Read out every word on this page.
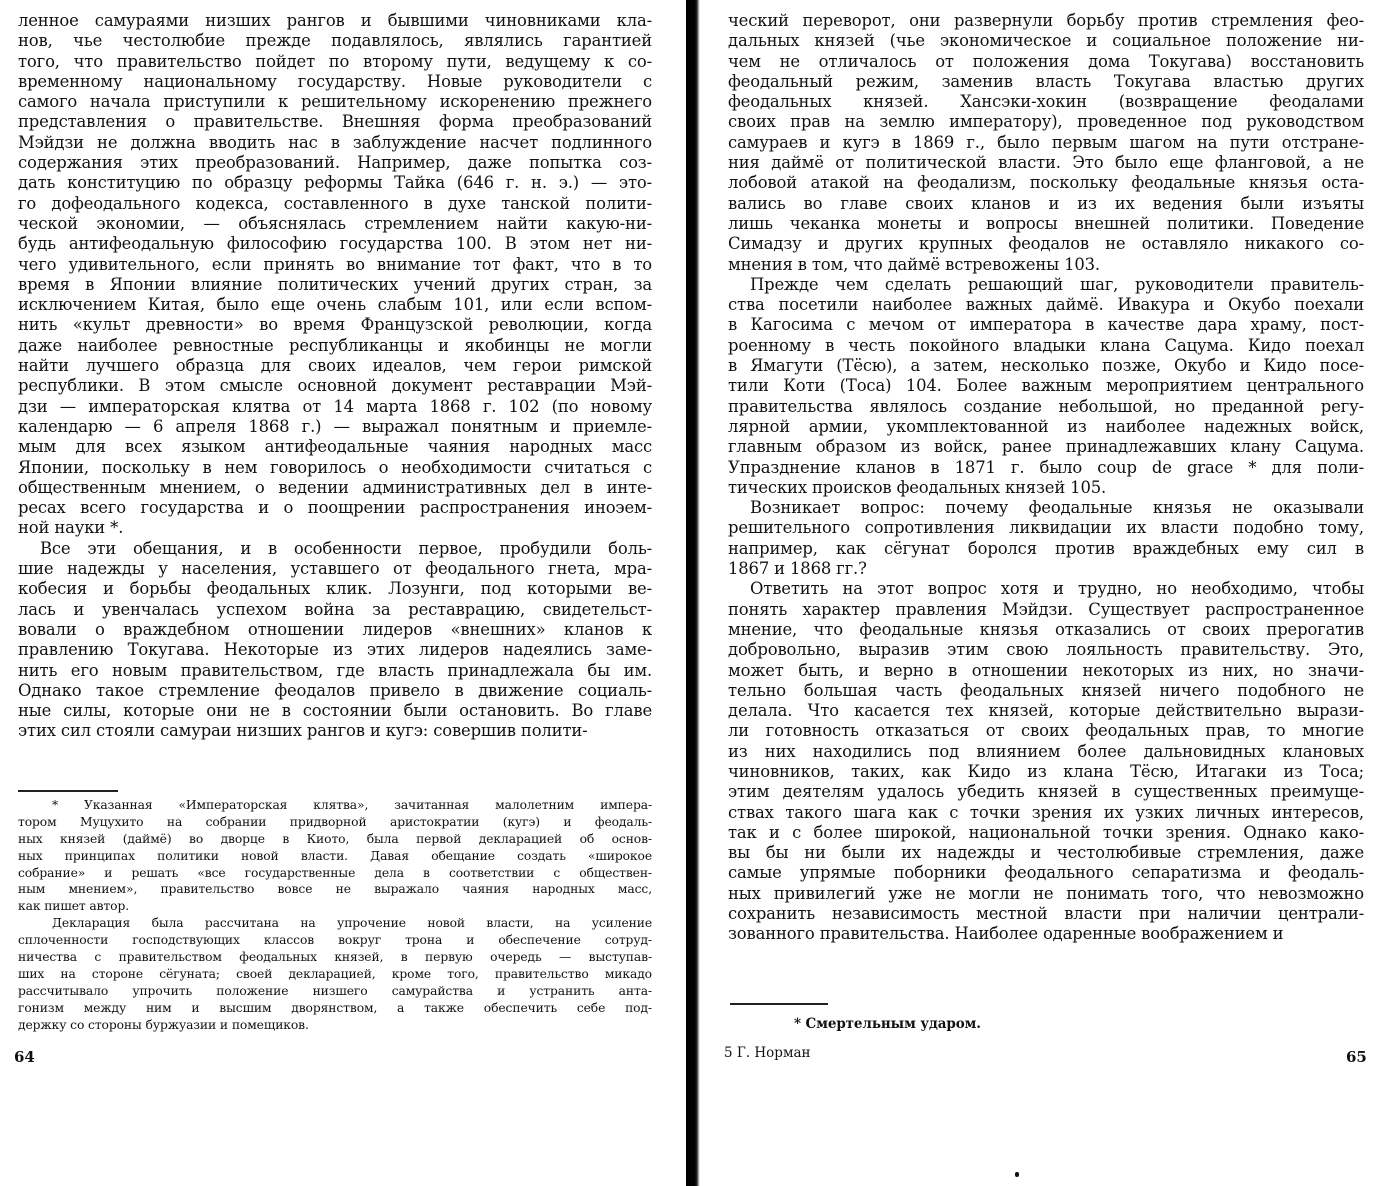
ленное самураями низших рангов и бывшими чиновниками кла-
нов, чье честолюбие прежде подавлялось, являлись гарантией
того, что правительство пойдет по второму пути, ведущему к со-
временному национальному государству. Новые руководители с
самого начала приступили к решительному искоренению прежнего
представления о правительстве. Внешняя форма преобразований
Мэйдзи не должна вводить нас в заблуждение насчет подлинного
содержания этих преобразований. Например, даже попытка соз-
дать конституцию по образцу реформы Тайка (646 г. н. э.) — это-
го дофеодального кодекса, составленного в духе танской полити-
ческой экономии, — объяснялась стремлением найти какую-ни-
будь антифеодальную философию государства 100. В этом нет ни-
чего удивительного, если принять во внимание тот факт, что в то
время в Японии влияние политических учений других стран, за
исключением Китая, было еще очень слабым 101, или если вспом-
нить «культ древности» во время Французской революции, когда
даже наиболее ревностные республиканцы и якобинцы не могли
найти лучшего образца для своих идеалов, чем герои римской
республики. В этом смысле основной документ реставрации Мэй-
дзи — императорская клятва от 14 марта 1868 г. 102 (по новому
календарю — 6 апреля 1868 г.) — выражал понятным и приемле-
мым для всех языком антифеодальные чаяния народных масс
Японии, поскольку в нем говорилось о необходимости считаться с
общественным мнением, о ведении административных дел в инте-
ресах всего государства и о поощрении распространения иноэем-
ной науки *.
Все эти обещания, и в особенности первое, пробудили боль-
шие надежды у населения, уставшего от феодального гнета, мра-
кобесия и борьбы феодальных клик. Лозунги, под которыми ве-
лась и увенчалась успехом война за реставрацию, свидетельст-
вовали о враждебном отношении лидеров «внешних» кланов к
правлению Токугава. Некоторые из этих лидеров надеялись заме-
нить его новым правительством, где власть принадлежала бы им.
Однако такое стремление феодалов привело в движение социаль-
ные силы, которые они не в состоянии были остановить. Во главе
этих сил стояли самураи низших рангов и кугэ: совершив полити-
* Указанная «Императорская клятва», зачитанная малолетним импера-
тором Муцухито на собрании придворной аристократии (кугэ) и феодаль-
ных князей (даймё) во дворце в Киото, была первой декларацией об основ-
ных принципах политики новой власти. Давая обещание создать «широкое
собрание» и решать «все государственные дела в соответствии с обществен-
ным мнением», правительство вовсе не выражало чаяния народных масс,
как пишет автор.
Декларация была рассчитана на упрочение новой власти, на усиление
сплоченности господствующих классов вокруг трона и обеспечение сотруд-
ничества с правительством феодальных князей, в первую очередь — выступав-
ших на стороне сёгуната; своей декларацией, кроме того, правительство микадо
рассчитывало упрочить положение низшего самурайства и устранить анта-
гонизм между ним и высшим дворянством, а также обеспечить себе под-
держку со стороны буржуазии и помещиков.
64
ческий переворот, они развернули борьбу против стремления фео-
дальных князей (чье экономическое и социальное положение ни-
чем не отличалось от положения дома Токугава) восстановить
феодальный режим, заменив власть Токугава властью других
феодальных князей. Хансэки-хокин (возвращение феодалами
своих прав на землю императору), проведенное под руководством
самураев и кугэ в 1869 г., было первым шагом на пути отстране-
ния даймё от политической власти. Это было еще фланговой, а не
лобовой атакой на феодализм, поскольку феодальные князья оста-
вались во главе своих кланов и из их ведения были изъяты
лишь чеканка монеты и вопросы внешней политики. Поведение
Симадзу и других крупных феодалов не оставляло никакого со-
мнения в том, что даймё встревожены 103.
Прежде чем сделать решающий шаг, руководители правитель-
ства посетили наиболее важных даймё. Ивакура и Окубо поехали
в Кагосима с мечом от императора в качестве дара храму, пост-
роенному в честь покойного владыки клана Сацума. Кидо поехал
в Ямагути (Тёсю), а затем, несколько позже, Окубо и Кидо посе-
тили Коти (Тоса) 104. Более важным мероприятием центрального
правительства являлось создание небольшой, но преданной регу-
лярной армии, укомплектованной из наиболее надежных войск,
главным образом из войск, ранее принадлежавших клану Сацума.
Упразднение кланов в 1871 г. было coup de grace * для поли-
тических происков феодальных князей 105.
Возникает вопрос: почему феодальные князья не оказывали
решительного сопротивления ликвидации их власти подобно тому,
например, как сёгунат боролся против враждебных ему сил в
1867 и 1868 гг.?
Ответить на этот вопрос хотя и трудно, но необходимо, чтобы
понять характер правления Мэйдзи. Существует распространенное
мнение, что феодальные князья отказались от своих прерогатив
добровольно, выразив этим свою лояльность правительству. Это,
может быть, и верно в отношении некоторых из них, но значи-
тельно большая часть феодальных князей ничего подобного не
делала. Что касается тех князей, которые действительно вырази-
ли готовность отказаться от своих феодальных прав, то многие
из них находились под влиянием более дальновидных клановых
чиновников, таких, как Кидо из клана Тёсю, Итагаки из Тоса;
этим деятелям удалось убедить князей в существенных преимуще-
ствах такого шага как с точки зрения их узких личных интересов,
так и с более широкой, национальной точки зрения. Однако како-
вы бы ни были их надежды и честолюбивые стремления, даже
самые упрямые поборники феодального сепаратизма и феодаль-
ных привилегий уже не могли не понимать того, что невозможно
сохранить независимость местной власти при наличии централи-
зованного правительства. Наиболее одаренные воображением и
* Смертельным ударом.
5 Г. Норман	65
